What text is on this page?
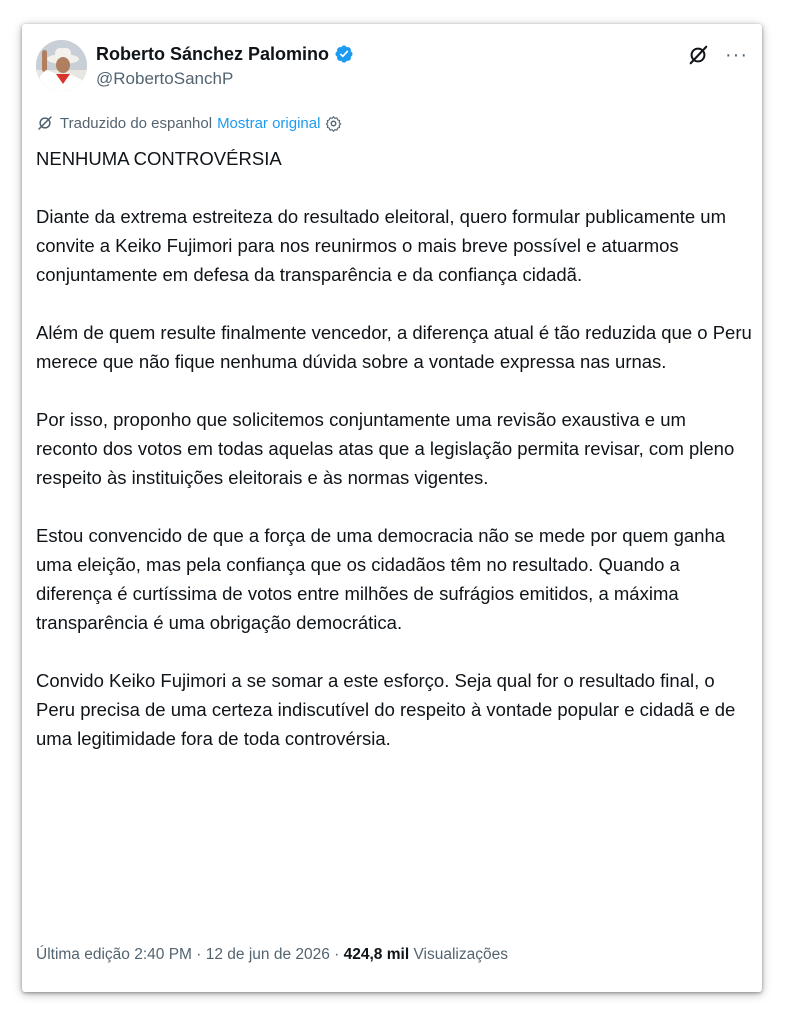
Roberto Sánchez Palomino
@RobertoSanchP
···
Traduzido do espanhol Mostrar original

NENHUMA CONTROVÉRSIA

Diante da extrema estreiteza do resultado eleitoral, quero formular publicamente um convite a Keiko Fujimori para nos reunirmos o mais breve possível e atuarmos conjuntamente em defesa da transparência e da confiança cidadã.

Além de quem resulte finalmente vencedor, a diferença atual é tão reduzida que o Peru merece que não fique nenhuma dúvida sobre a vontade expressa nas urnas.

Por isso, proponho que solicitemos conjuntamente uma revisão exaustiva e um reconto dos votos em todas aquelas atas que a legislação permita revisar, com pleno respeito às instituições eleitorais e às normas vigentes.

Estou convencido de que a força de uma democracia não se mede por quem ganha uma eleição, mas pela confiança que os cidadãos têm no resultado. Quando a diferença é curtíssima de votos entre milhões de sufrágios emitidos, a máxima transparência é uma obrigação democrática.

Convido Keiko Fujimori a se somar a este esforço. Seja qual for o resultado final, o Peru precisa de uma certeza indiscutível do respeito à vontade popular e cidadã e de uma legitimidade fora de toda controvérsia.

Última edição 2:40 PM · 12 de jun de 2026 · 424,8 mil Visualizações
